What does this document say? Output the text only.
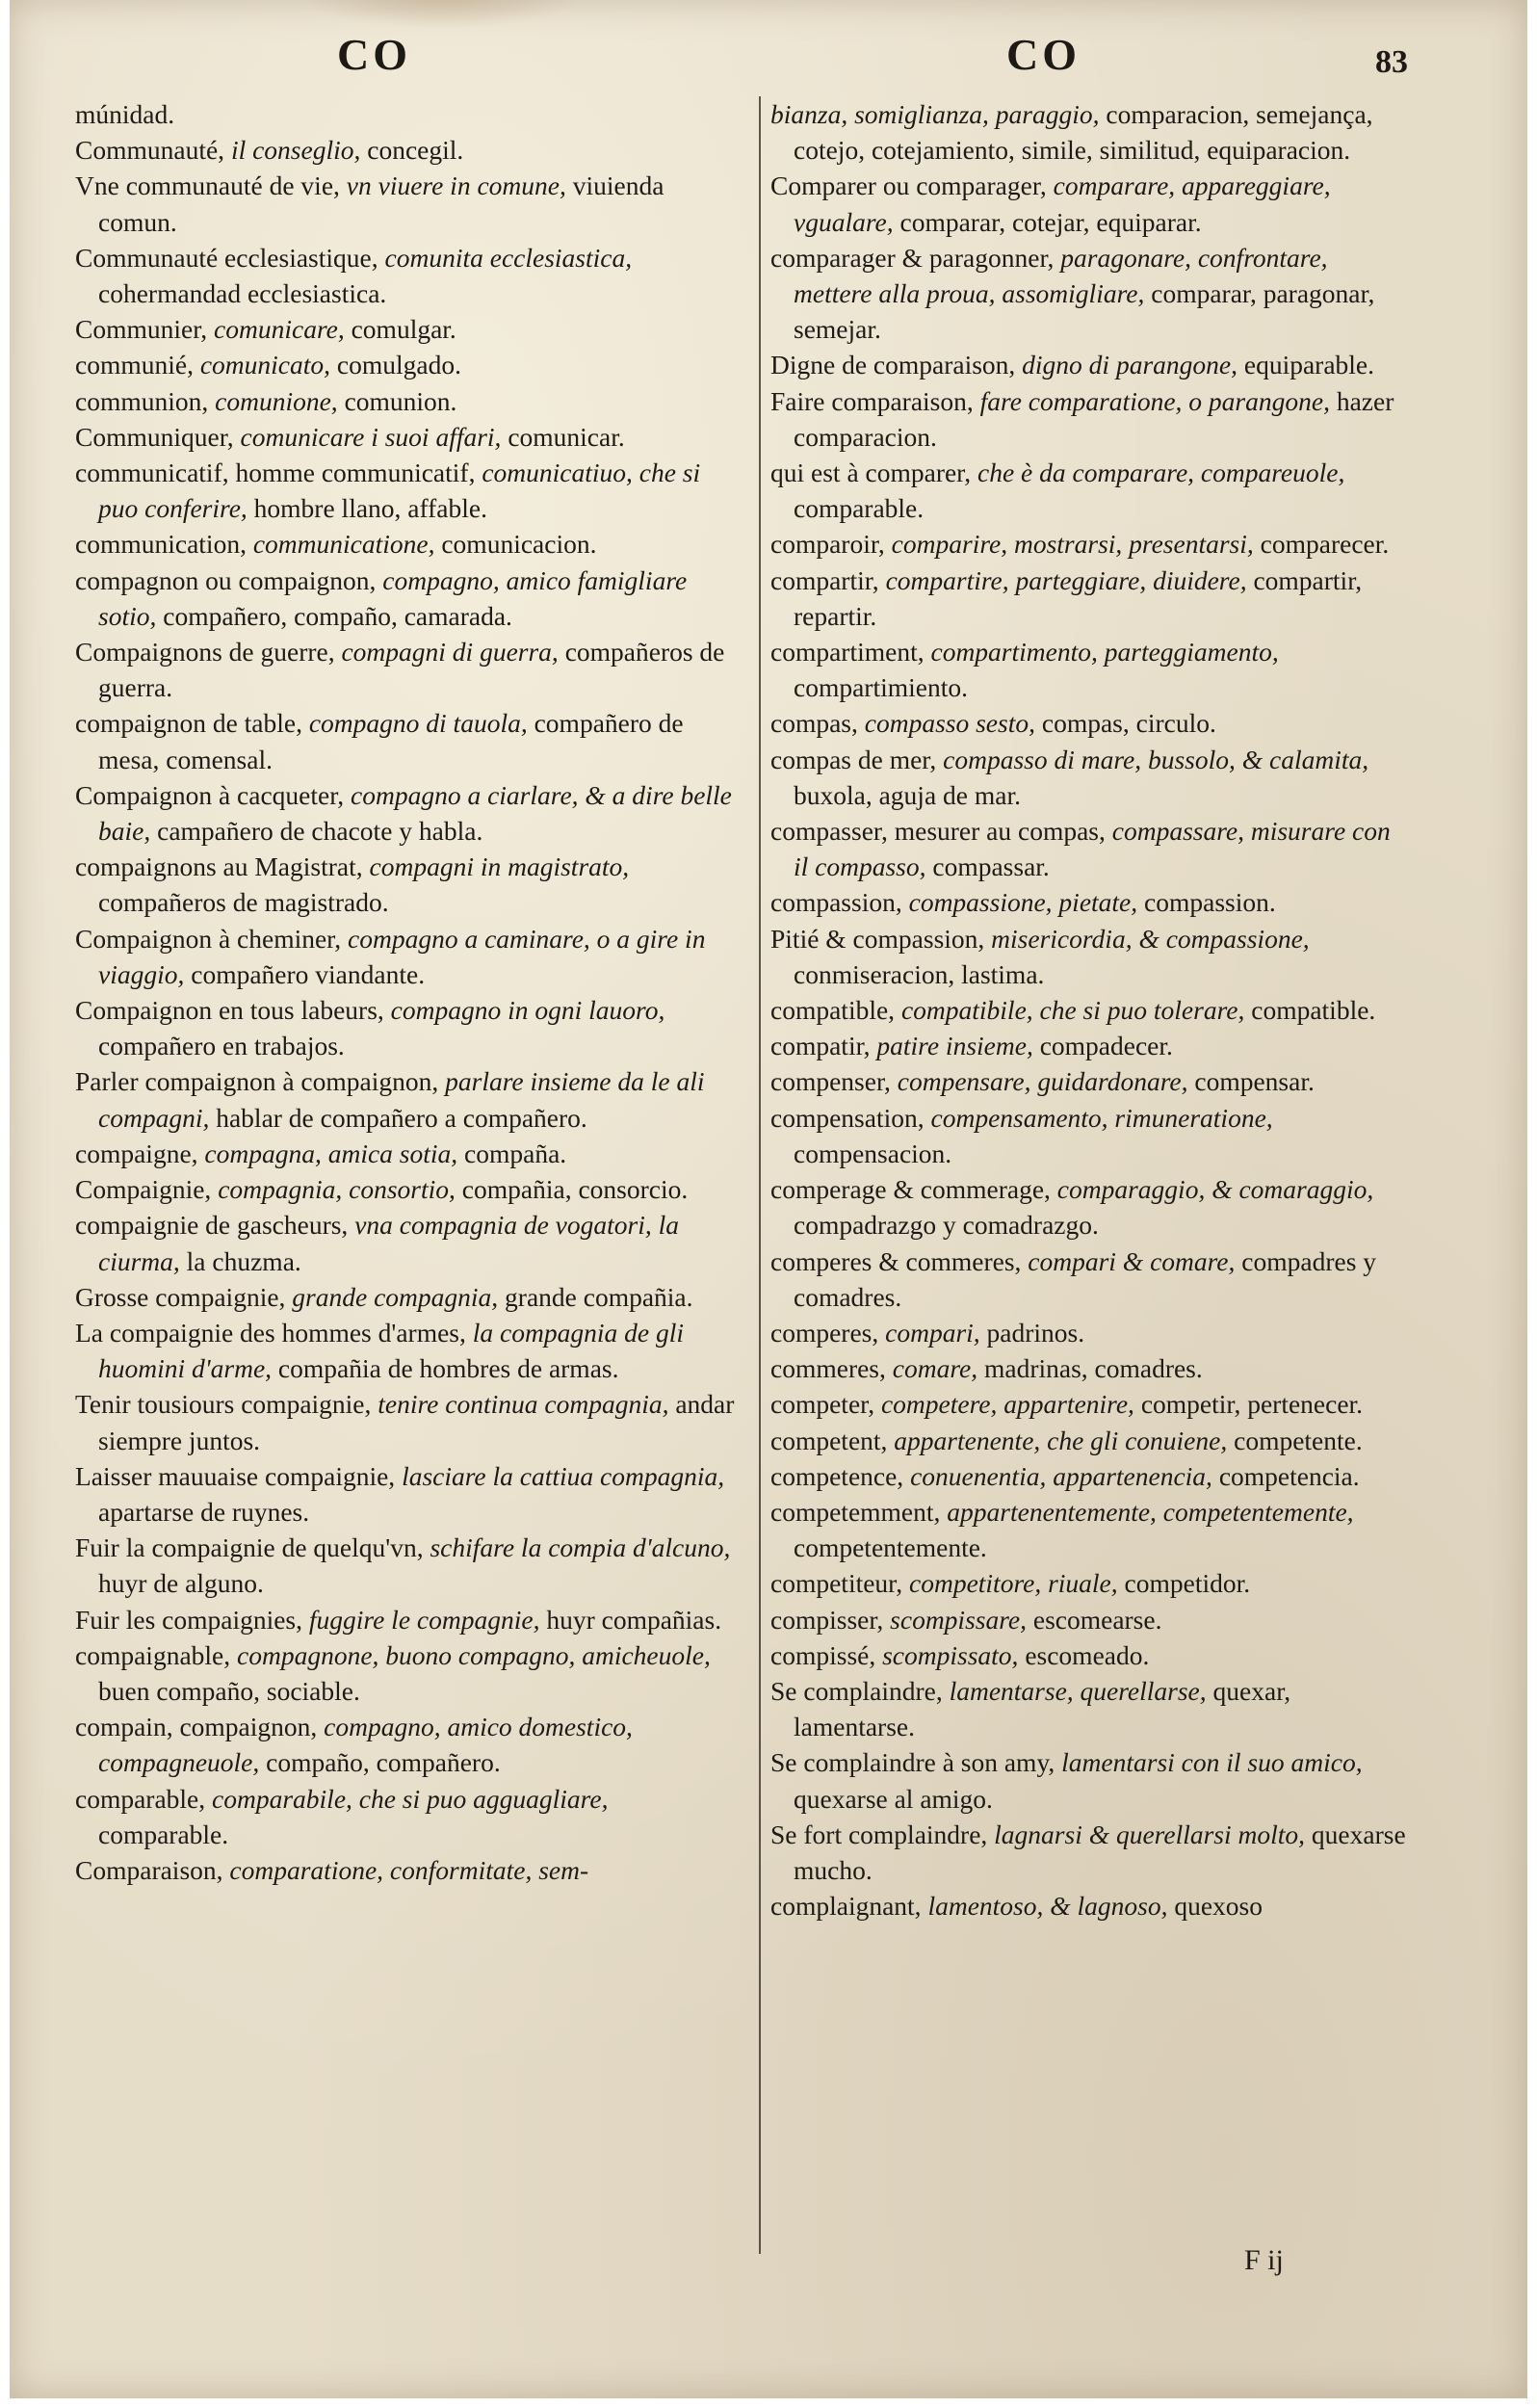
CO	CO	83

múnidad.

Communauté, il conseglio, concegil.

Vne communauté de vie, vn viuere in comune, viuienda comun.

Communauté ecclesiastique, comunita ecclesiastica, cohermandad ecclesiastica.

Communier, comunicare, comulgar.

communié, comunicato, comulgado.

communion, comunione, comunion.

Communiquer, comunicare i suoi affari, comunicar.

communicatif, homme communicatif, comunicatiuo, che si puo conferire, hombre llano, affable.

communication, communicatione, comunicacion.

compagnon ou compaignon, compagno, amico famigliare sotio, compañero, compaño, camarada.

Compaignons de guerre, compagni di guerra, compañeros de guerra.

compaignon de table, compagno di tauola, compañero de mesa, comensal.

Compaignon à cacqueter, compagno a ciarlare, & a dire belle baie, campañero de chacote y habla.

compaignons au Magistrat, compagni in magistrato, compañeros de magistrado.

Compaignon à cheminer, compagno a caminare, o a gire in viaggio, compañero viandante.

Compaignon en tous labeurs, compagno in ogni lauoro, compañero en trabajos.

Parler compaignon à compaignon, parlare insieme da le ali compagni, hablar de compañero a compañero.

compaigne, compagna, amica sotia, compaña.

Compaignie, compagnia, consortio, compañia, consorcio.

compaignie de gascheurs, vna compagnia de vogatori, la ciurma, la chuzma.

Grosse compaignie, grande compagnia, grande compañia.

La compaignie des hommes d'armes, la compagnia de gli huomini d'arme, compañia de hombres de armas.

Tenir tousiours compaignie, tenire continua compagnia, andar siempre juntos.

Laisser mauuaise compaignie, lasciare la cattiua compagnia, apartarse de ruynes.

Fuir la compaignie de quelqu'vn, schifare la compia d'alcuno, huyr de alguno.

Fuir les compaignies, fuggire le compagnie, huyr compañias.

compaignable, compagnone, buono compagno, amicheuole, buen compaño, sociable.

compain, compaignon, compagno, amico domestico, compagneuole, compaño, compañero.

comparable, comparabile, che si puo agguagliare, comparable.

Comparaison, comparatione, conformitate, sem-

bianza, somiglianza, paraggio, comparacion, semejança, cotejo, cotejamiento, simile, similitud, equiparacion.

Comparer ou comparager, comparare, appareggiare, vgualare, comparar, cotejar, equiparar.

comparager & paragonner, paragonare, confrontare, mettere alla proua, assomigliare, comparar, paragonar, semejar.

Digne de comparaison, digno di parangone, equiparable.

Faire comparaison, fare comparatione, o parangone, hazer comparacion.

qui est à comparer, che è da comparare, compareuole, comparable.

comparoir, comparire, mostrarsi, presentarsi, comparecer.

compartir, compartire, parteggiare, diuidere, compartir, repartir.

compartiment, compartimento, parteggiamento, compartimiento.

compas, compasso sesto, compas, circulo.

compas de mer, compasso di mare, bussolo, & calamita, buxola, aguja de mar.

compasser, mesurer au compas, compassare, misurare con il compasso, compassar.

compassion, compassione, pietate, compassion.

Pitié & compassion, misericordia, & compassione, conmiseracion, lastima.

compatible, compatibile, che si puo tolerare, compatible.

compatir, patire insieme, compadecer.

compenser, compensare, guidardonare, compensar.

compensation, compensamento, rimuneratione, compensacion.

comperage & commerage, comparaggio, & comaraggio, compadrazgo y comadrazgo.

comperes & commeres, compari & comare, compadres y comadres.

comperes, compari, padrinos.

commeres, comare, madrinas, comadres.

competer, competere, appartenire, competir, pertenecer.

competent, appartenente, che gli conuiene, competente.

competence, conuenentia, appartenencia, competencia.

competemment, appartenentemente, competentemente, competentemente.

competiteur, competitore, riuale, competidor.

compisser, scompissare, escomearse.

compissé, scompissato, escomeado.

Se complaindre, lamentarse, querellarse, quexar, lamentarse.

Se complaindre à son amy, lamentarsi con il suo amico, quexarse al amigo.

Se fort complaindre, lagnarsi & querellarsi molto, quexarse mucho.

complaignant, lamentoso, & lagnoso, quexoso

F ij
